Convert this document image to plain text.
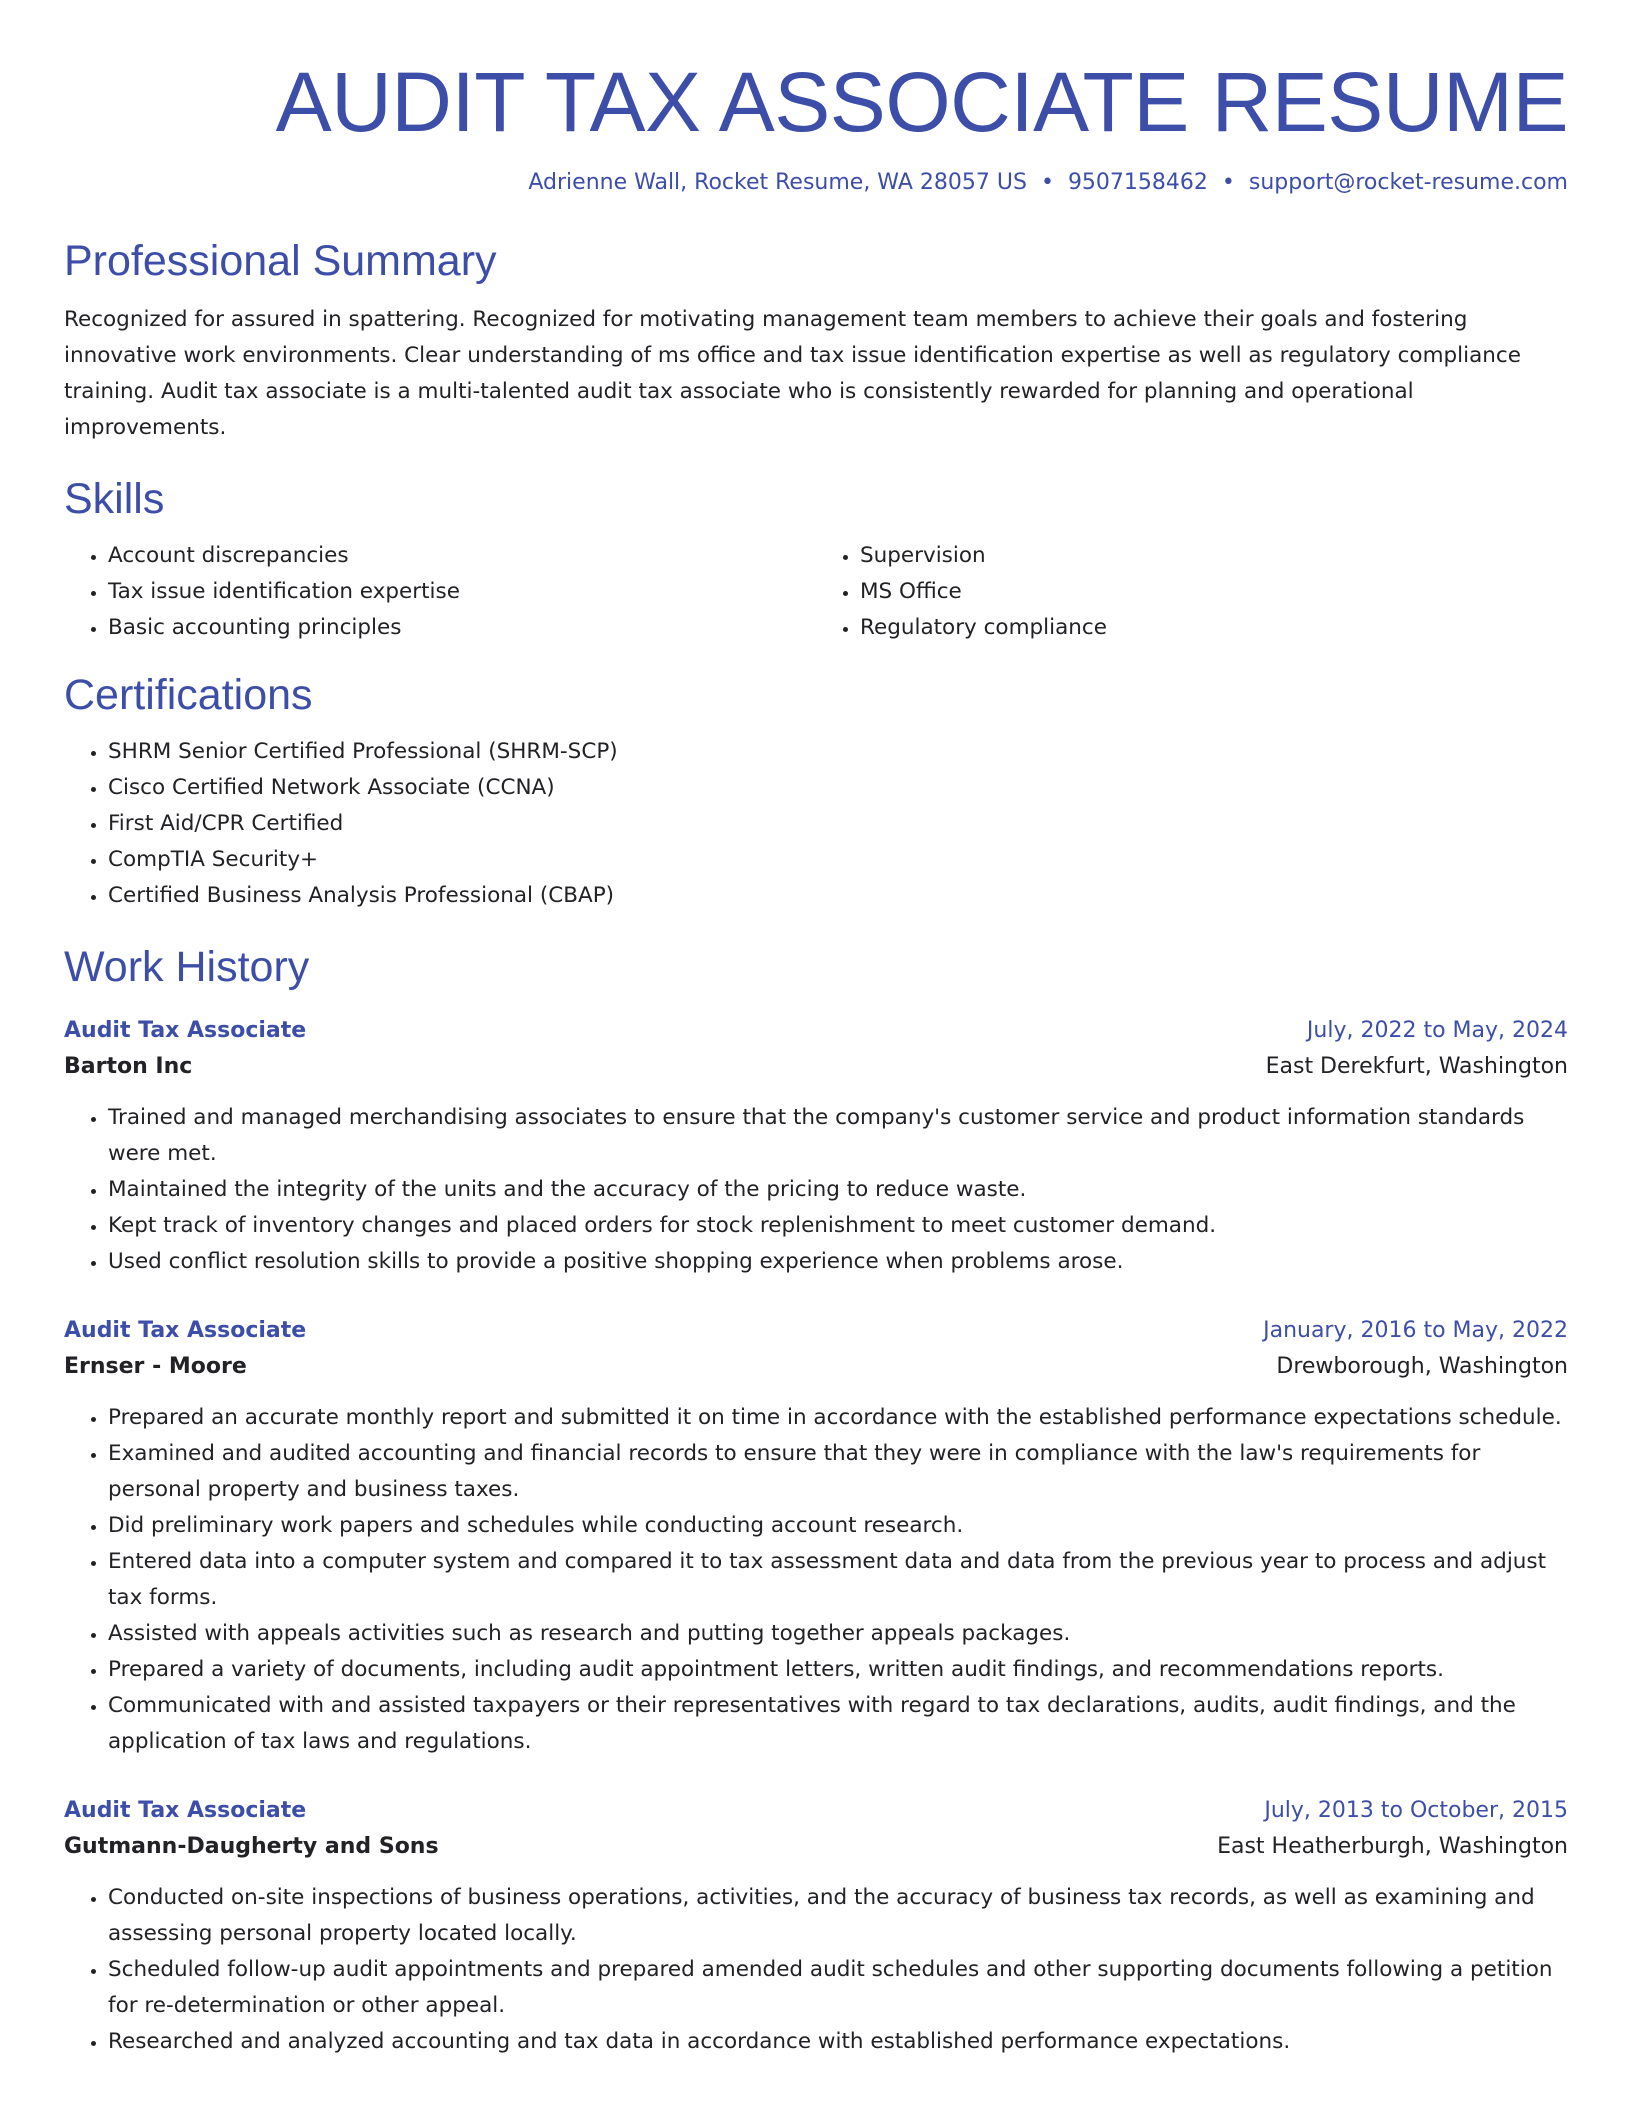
AUDIT TAX ASSOCIATE RESUME
Adrienne Wall, Rocket Resume, WA 28057 US • 9507158462 • support@rocket-resume.com
Professional Summary

Recognized for assured in spattering. Recognized for motivating management team members to achieve their goals and fostering innovative work environments. Clear understanding of ms office and tax issue identification expertise as well as regulatory compliance training. Audit tax associate is a multi-talented audit tax associate who is consistently rewarded for planning and operational improvements.

Skills
• Account discrepancies
• Tax issue identification expertise
• Basic accounting principles
• Supervision
• MS Office
• Regulatory compliance
Certifications
• SHRM Senior Certified Professional (SHRM-SCP)
• Cisco Certified Network Associate (CCNA)
• First Aid/CPR Certified
• CompTIA Security+
• Certified Business Analysis Professional (CBAP)
Work History
Audit Tax Associate	July, 2022 to May, 2024
Barton Inc	East Derekfurt, Washington
• Trained and managed merchandising associates to ensure that the company's customer service and product information standards were met.
• Maintained the integrity of the units and the accuracy of the pricing to reduce waste.
• Kept track of inventory changes and placed orders for stock replenishment to meet customer demand.
• Used conflict resolution skills to provide a positive shopping experience when problems arose.
Audit Tax Associate	January, 2016 to May, 2022
Ernser - Moore	Drewborough, Washington
• Prepared an accurate monthly report and submitted it on time in accordance with the established performance expectations schedule.
• Examined and audited accounting and financial records to ensure that they were in compliance with the law's requirements for personal property and business taxes.
• Did preliminary work papers and schedules while conducting account research.
• Entered data into a computer system and compared it to tax assessment data and data from the previous year to process and adjust tax forms.
• Assisted with appeals activities such as research and putting together appeals packages.
• Prepared a variety of documents, including audit appointment letters, written audit findings, and recommendations reports.
• Communicated with and assisted taxpayers or their representatives with regard to tax declarations, audits, audit findings, and the application of tax laws and regulations.
Audit Tax Associate	July, 2013 to October, 2015
Gutmann-Daugherty and Sons	East Heatherburgh, Washington
• Conducted on-site inspections of business operations, activities, and the accuracy of business tax records, as well as examining and assessing personal property located locally.
• Scheduled follow-up audit appointments and prepared amended audit schedules and other supporting documents following a petition for re-determination or other appeal.
• Researched and analyzed accounting and tax data in accordance with established performance expectations.
